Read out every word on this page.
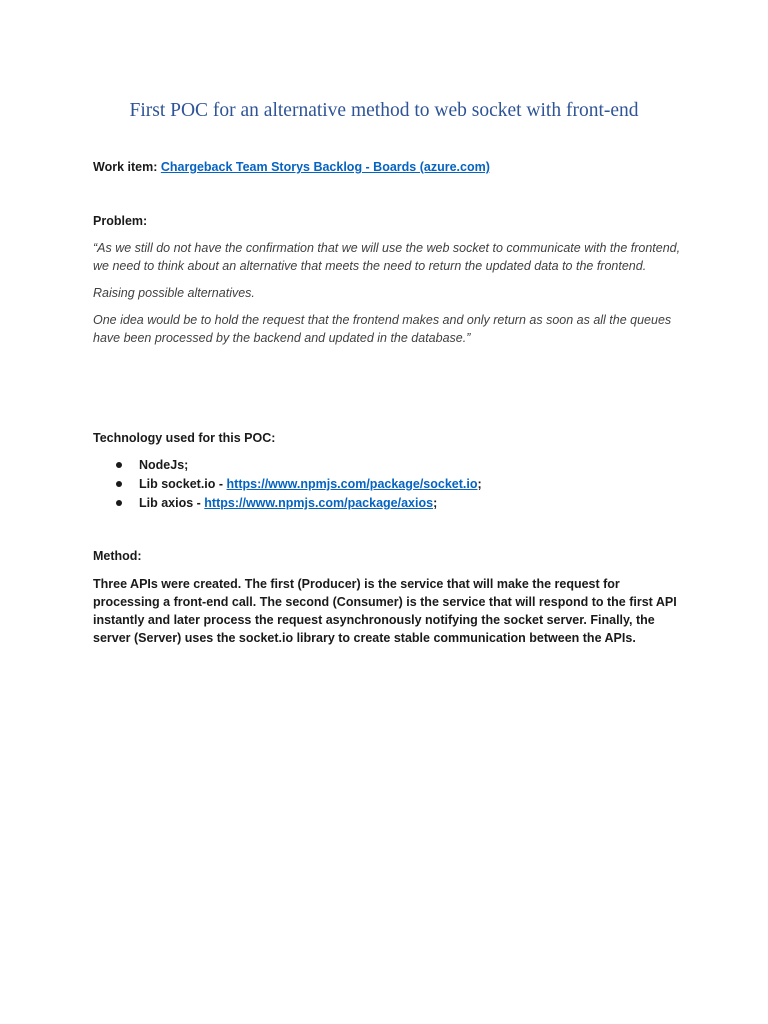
First POC for an alternative method to web socket with front-end

Work item: Chargeback Team Storys Backlog - Boards (azure.com)

Problem:

“As we still do not have the confirmation that we will use the web socket to communicate with the frontend, we need to think about an alternative that meets the need to return the updated data to the frontend.

Raising possible alternatives.

One idea would be to hold the request that the frontend makes and only return as soon as all the queues have been processed by the backend and updated in the database.”

Technology used for this POC:

NodeJs;
Lib socket.io - https://www.npmjs.com/package/socket.io;
Lib axios - https://www.npmjs.com/package/axios;

Method:

Three APIs were created. The first (Producer) is the service that will make the request for processing a front-end call. The second (Consumer) is the service that will respond to the first API instantly and later process the request asynchronously notifying the socket server. Finally, the server (Server) uses the socket.io library to create stable communication between the APIs.
